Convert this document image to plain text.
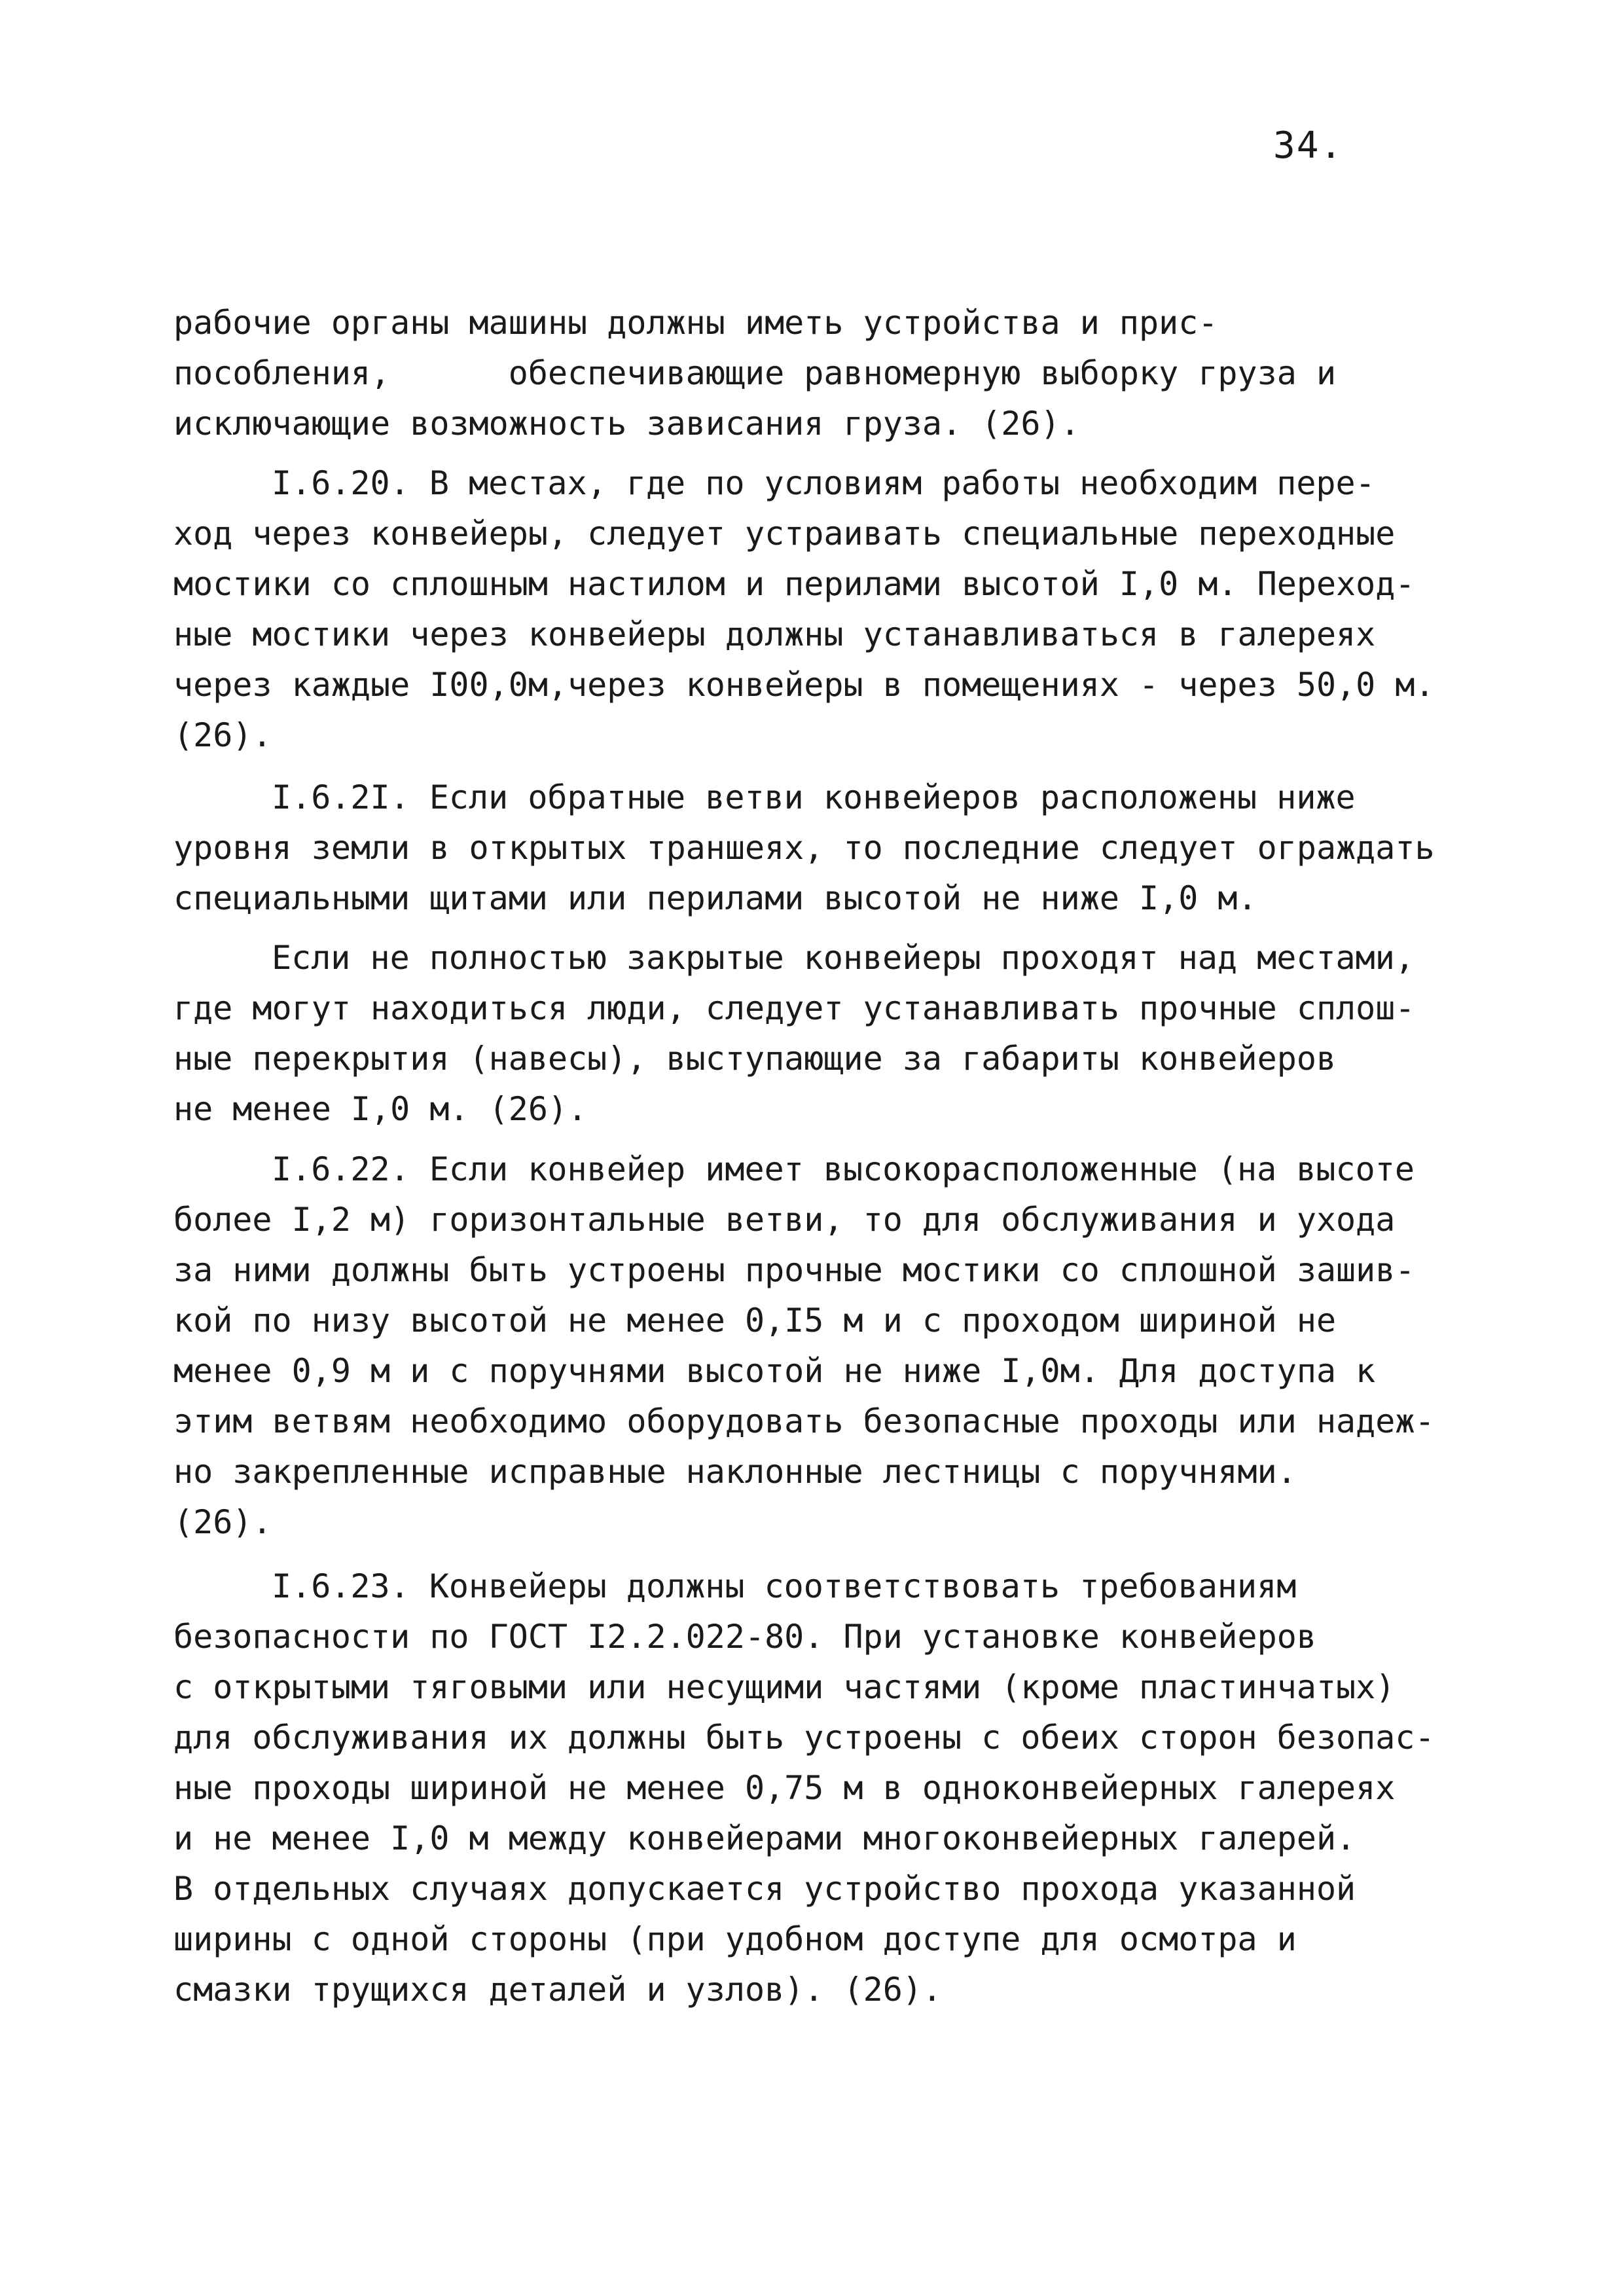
34.

рабочие органы машины должны иметь устройства и прис-
пособления,      обеспечивающие равномерную выборку груза и
исключающие возможность зависания груза. (26).

I.6.20. В местах, где по условиям работы необходим пере-
ход через конвейеры, следует устраивать специальные переходные
мостики со сплошным настилом и перилами высотой I,0 м. Переход-
ные мостики через конвейеры должны устанавливаться в галереях
через каждые I00,0м,через конвейеры в помещениях - через 50,0 м.
(26).

I.6.2I. Если обратные ветви конвейеров расположены ниже
уровня земли в открытых траншеях, то последние следует ограждать
специальными щитами или перилами высотой не ниже I,0 м.

Если не полностью закрытые конвейеры проходят над местами,
где могут находиться люди, следует устанавливать прочные сплош-
ные перекрытия (навесы), выступающие за габариты конвейеров
не менее I,0 м. (26).

I.6.22. Если конвейер имеет высокорасположенные (на высоте
более I,2 м) горизонтальные ветви, то для обслуживания и ухода
за ними должны быть устроены прочные мостики со сплошной зашив-
кой по низу высотой не менее 0,I5 м и с проходом шириной не
менее 0,9 м и с поручнями высотой не ниже I,0м. Для доступа к
этим ветвям необходимо оборудовать безопасные проходы или надеж-
но закрепленные исправные наклонные лестницы с поручнями.
(26).

I.6.23. Конвейеры должны соответствовать требованиям
безопасности по ГОСТ I2.2.022-80. При установке конвейеров
с открытыми тяговыми или несущими частями (кроме пластинчатых)
для обслуживания их должны быть устроены с обеих сторон безопас-
ные проходы шириной не менее 0,75 м в одноконвейерных галереях
и не менее I,0 м между конвейерами многоконвейерных галерей.
В отдельных случаях допускается устройство прохода указанной
ширины с одной стороны (при удобном доступе для осмотра и
смазки трущихся деталей и узлов). (26).
